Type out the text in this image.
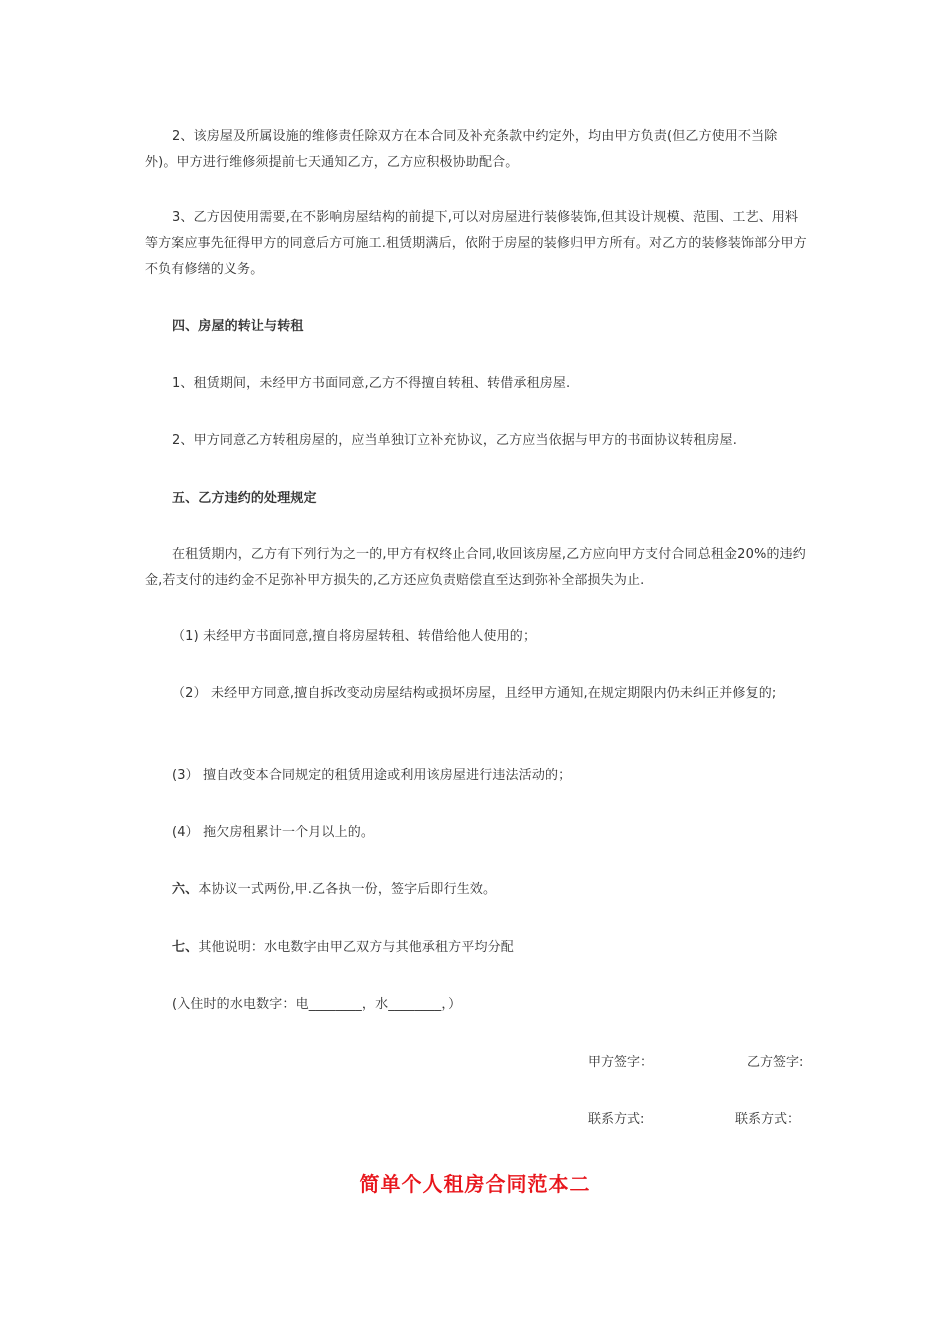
2、该房屋及所属设施的维修责任除双方在本合同及补充条款中约定外，均由甲方负责(但乙方使用不当除外)。甲方进行维修须提前七天通知乙方，乙方应积极协助配合。

3、乙方因使用需要,在不影响房屋结构的前提下,可以对房屋进行装修装饰,但其设计规模、范围、工艺、用料等方案应事先征得甲方的同意后方可施工.租赁期满后，依附于房屋的装修归甲方所有。对乙方的装修装饰部分甲方不负有修缮的义务。

四、房屋的转让与转租

1、租赁期间，未经甲方书面同意,乙方不得擅自转租、转借承租房屋.

2、甲方同意乙方转租房屋的，应当单独订立补充协议，乙方应当依据与甲方的书面协议转租房屋.

五、乙方违约的处理规定

在租赁期内，乙方有下列行为之一的,甲方有权终止合同,收回该房屋,乙方应向甲方支付合同总租金20%的违约金,若支付的违约金不足弥补甲方损失的,乙方还应负责赔偿直至达到弥补全部损失为止.

（1) 未经甲方书面同意,擅自将房屋转租、转借给他人使用的；

（2） 未经甲方同意,擅自拆改变动房屋结构或损坏房屋，且经甲方通知,在规定期限内仍未纠正并修复的;

(3） 擅自改变本合同规定的租赁用途或利用该房屋进行违法活动的；

(4） 拖欠房租累计一个月以上的。

六、本协议一式两份,甲.乙各执一份，签字后即行生效。

七、其他说明：水电数字由甲乙双方与其他承租方平均分配

(入住时的水电数字：电________，水________，）

甲方签字：	乙方签字:
联系方式:	联系方式：
简单个人租房合同范本二
